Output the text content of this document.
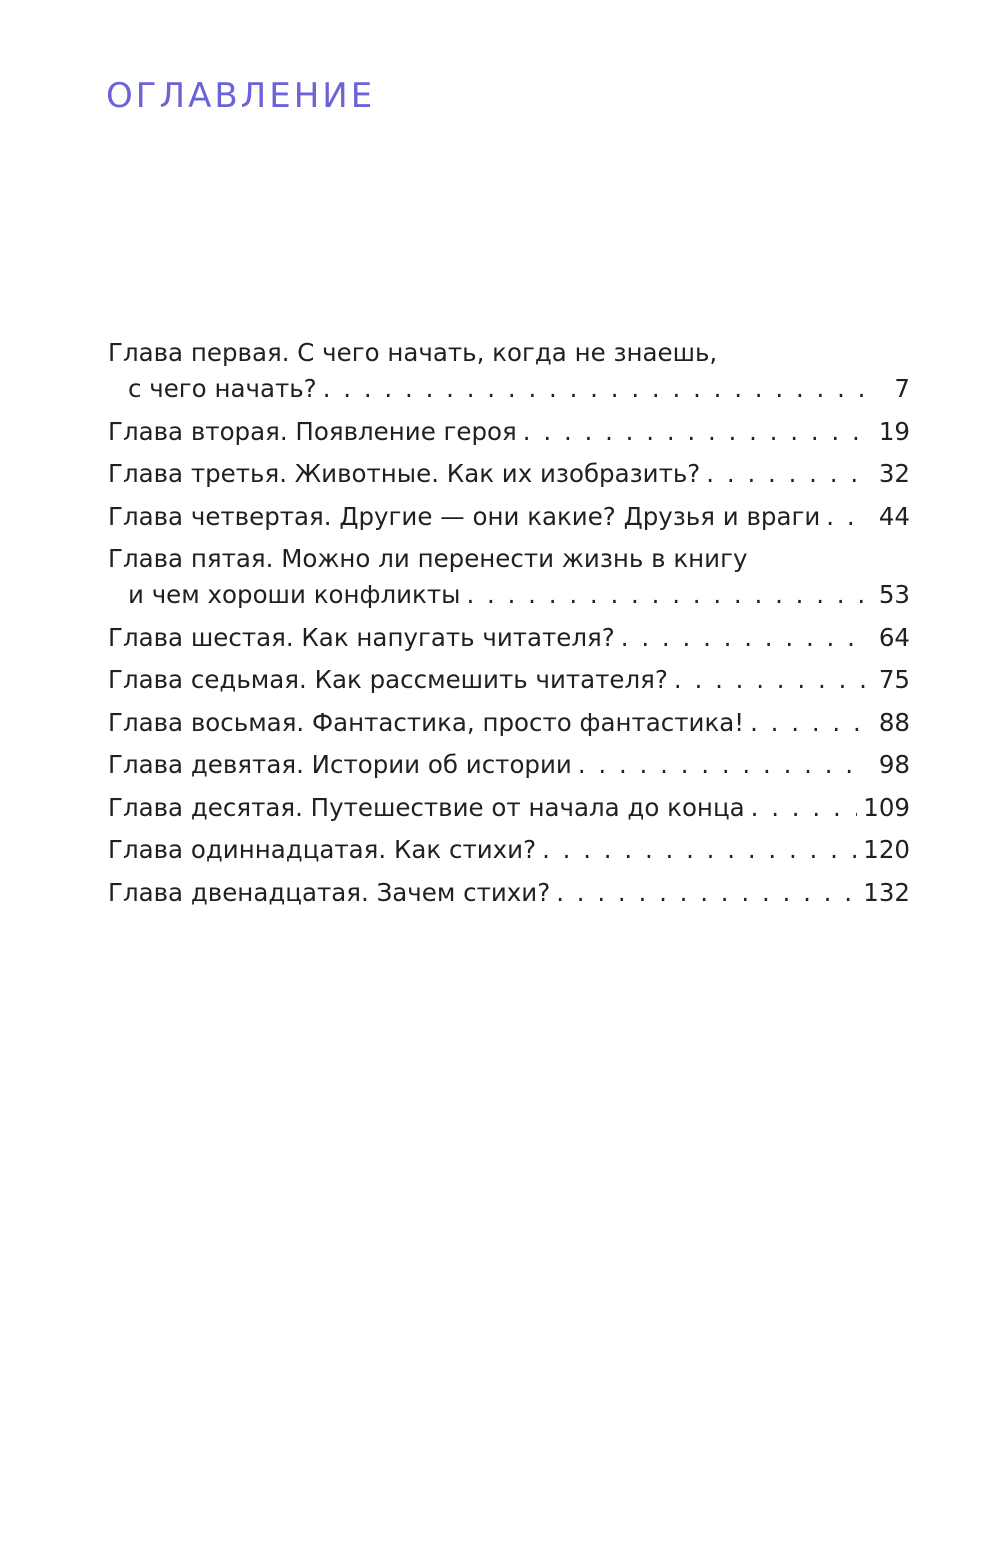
ОГЛАВЛЕНИЕ
Глава первая. С чего начать, когда не знаешь,
с чего начать? . . .	7
Глава вторая. Появление героя . . .	19
Глава третья. Животные. Как их изобразить? . . .	32
Глава четвертая. Другие — они какие? Друзья и враги . . . 44
Глава пятая. Можно ли перенести жизнь в книгу
и чем хороши конфликты . . .	53
Глава шестая. Как напугать читателя? . . .	64
Глава седьмая. Как рассмешить читателя? . . .	75
Глава восьмая. Фантастика, просто фантастика! . . .	88
Глава девятая. Истории об истории . . .	98
Глава десятая. Путешествие от начала до конца . . .	109
Глава одиннадцатая. Как стихи? . . .	120
Глава двенадцатая. Зачем стихи? . . .	132
